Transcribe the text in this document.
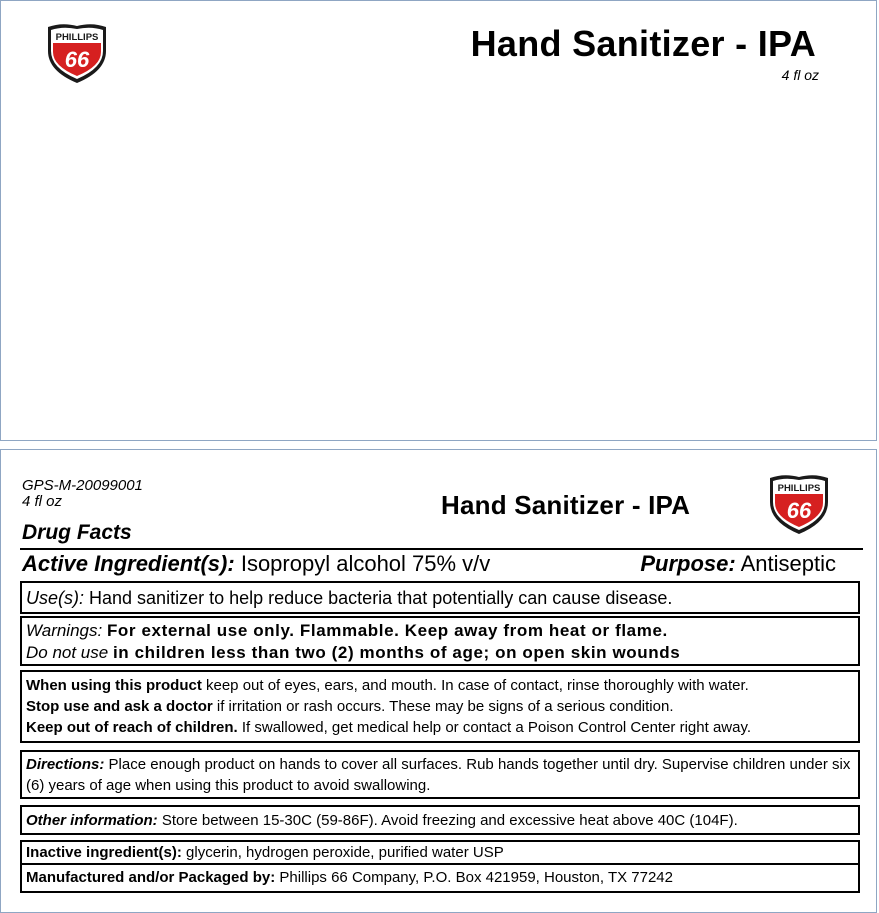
PHILLIPS
66	Hand Sanitizer - IPA
4 fl oz
GPS-M-20099001
4 fl oz	Hand Sanitizer - IPA
PHILLIPS
66
Drug Facts
Active Ingredient(s): Isopropyl alcohol 75% v/v	Purpose: Antiseptic
Use(s): Hand sanitizer to help reduce bacteria that potentially can cause disease.
Warnings: For external use only. Flammable. Keep away from heat or flame.
Do not use in children less than two (2) months of age; on open skin wounds
When using this product keep out of eyes, ears, and mouth. In case of contact, rinse thoroughly with water.
Stop use and ask a doctor if irritation or rash occurs. These may be signs of a serious condition.
Keep out of reach of children. If swallowed, get medical help or contact a Poison Control Center right away.
Directions: Place enough product on hands to cover all surfaces. Rub hands together until dry. Supervise children under six (6) years of age when using this product to avoid swallowing.
Other information: Store between 15-30C (59-86F). Avoid freezing and excessive heat above 40C (104F).
Inactive ingredient(s): glycerin, hydrogen peroxide, purified water USP
Manufactured and/or Packaged by: Phillips 66 Company, P.O. Box 421959, Houston, TX 77242
